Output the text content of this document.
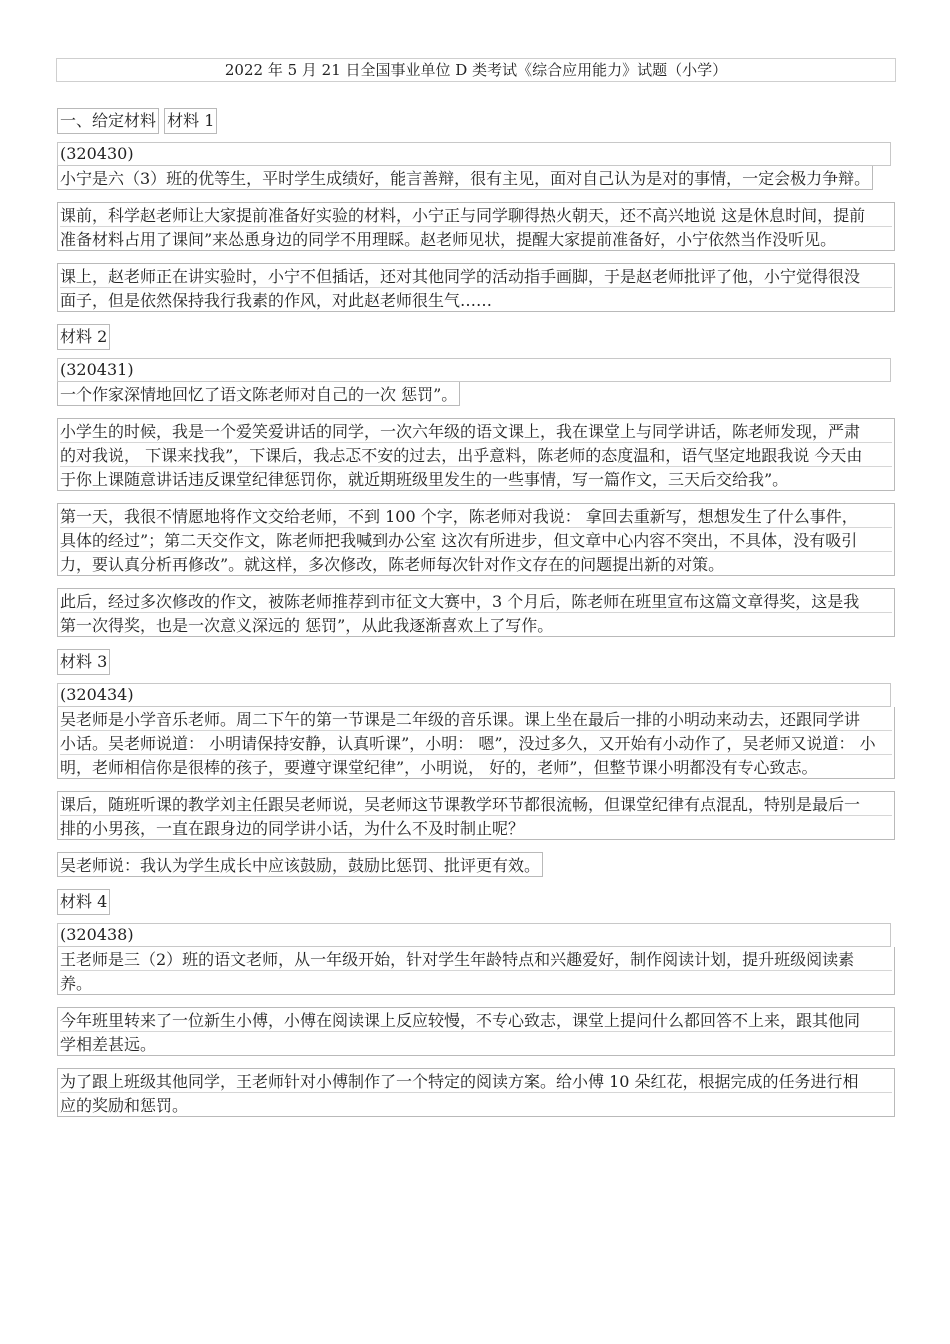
2022 年 5 月 21 日全国事业单位 D 类考试《综合应用能力》试题（小学）
一、给定材料 材料 1
(320430)
小宁是六（3）班的优等生，平时学生成绩好，能言善辩，很有主见，面对自己认为是对的事情，一定会极力争辩。
课前，科学赵老师让大家提前准备好实验的材料，小宁正与同学聊得热火朝天，还不高兴地说 这是休息时间，提前
准备材料占用了课间”来怂恿身边的同学不用理睬。赵老师见状，提醒大家提前准备好，小宁依然当作没听见。
课上，赵老师正在讲实验时，小宁不但插话，还对其他同学的活动指手画脚，于是赵老师批评了他，小宁觉得很没
面子，但是依然保持我行我素的作风，对此赵老师很生气……
材料 2
(320431)
一个作家深情地回忆了语文陈老师对自己的一次 惩罚”。
小学生的时候，我是一个爱笑爱讲话的同学，一次六年级的语文课上，我在课堂上与同学讲话，陈老师发现，严肃
的对我说， 下课来找我”，下课后，我忐忑不安的过去，出乎意料，陈老师的态度温和，语气坚定地跟我说 今天由
于你上课随意讲话违反课堂纪律惩罚你，就近期班级里发生的一些事情，写一篇作文，三天后交给我”。
第一天，我很不情愿地将作文交给老师，不到 100 个字，陈老师对我说： 拿回去重新写，想想发生了什么事件，
具体的经过”；第二天交作文，陈老师把我喊到办公室 这次有所进步，但文章中心内容不突出，不具体，没有吸引
力，要认真分析再修改”。就这样，多次修改，陈老师每次针对作文存在的问题提出新的对策。
此后，经过多次修改的作文，被陈老师推荐到市征文大赛中，3 个月后，陈老师在班里宣布这篇文章得奖，这是我
第一次得奖，也是一次意义深远的 惩罚”，从此我逐渐喜欢上了写作。
材料 3
(320434)
吴老师是小学音乐老师。周二下午的第一节课是二年级的音乐课。课上坐在最后一排的小明动来动去，还跟同学讲
小话。吴老师说道： 小明请保持安静，认真听课”，小明： 嗯”，没过多久，又开始有小动作了，吴老师又说道： 小
明，老师相信你是很棒的孩子，要遵守课堂纪律”，小明说， 好的，老师”，但整节课小明都没有专心致志。
课后，随班听课的教学刘主任跟吴老师说，吴老师这节课教学环节都很流畅，但课堂纪律有点混乱，特别是最后一
排的小男孩，一直在跟身边的同学讲小话，为什么不及时制止呢？
吴老师说：我认为学生成长中应该鼓励，鼓励比惩罚、批评更有效。
材料 4
(320438)
王老师是三（2）班的语文老师，从一年级开始，针对学生年龄特点和兴趣爱好，制作阅读计划，提升班级阅读素
养。
今年班里转来了一位新生小傅，小傅在阅读课上反应较慢，不专心致志，课堂上提问什么都回答不上来，跟其他同
学相差甚远。
为了跟上班级其他同学，王老师针对小傅制作了一个特定的阅读方案。给小傅 10 朵红花，根据完成的任务进行相
应的奖励和惩罚。
